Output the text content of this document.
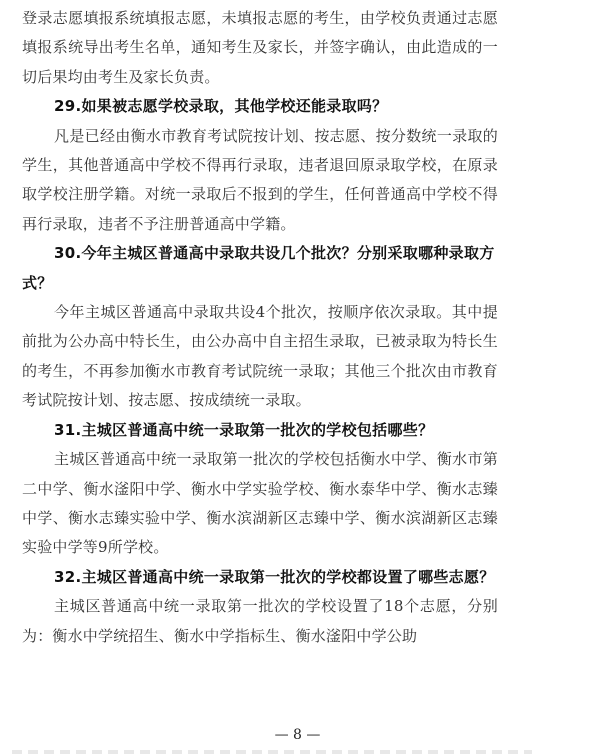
登录志愿填报系统填报志愿，未填报志愿的考生，由学校负责通过志愿填报系统导出考生名单，通知考生及家长，并签字确认，由此造成的一切后果均由考生及家长负责。

29.如果被志愿学校录取，其他学校还能录取吗？

凡是已经由衡水市教育考试院按计划、按志愿、按分数统一录取的学生，其他普通高中学校不得再行录取，违者退回原录取学校，在原录取学校注册学籍。对统一录取后不报到的学生，任何普通高中学校不得再行录取，违者不予注册普通高中学籍。

30.今年主城区普通高中录取共设几个批次？分别采取哪种录取方式？

今年主城区普通高中录取共设4个批次，按顺序依次录取。其中提前批为公办高中特长生，由公办高中自主招生录取，已被录取为特长生的考生，不再参加衡水市教育考试院统一录取；其他三个批次由市教育考试院按计划、按志愿、按成绩统一录取。

31.主城区普通高中统一录取第一批次的学校包括哪些？

主城区普通高中统一录取第一批次的学校包括衡水中学、衡水市第二中学、衡水滏阳中学、衡水中学实验学校、衡水泰华中学、衡水志臻中学、衡水志臻实验中学、衡水滨湖新区志臻中学、衡水滨湖新区志臻实验中学等9所学校。

32.主城区普通高中统一录取第一批次的学校都设置了哪些志愿？

主城区普通高中统一录取第一批次的学校设置了18个志愿，分别为：衡水中学统招生、衡水中学指标生、衡水滏阳中学公助

— 8 —
